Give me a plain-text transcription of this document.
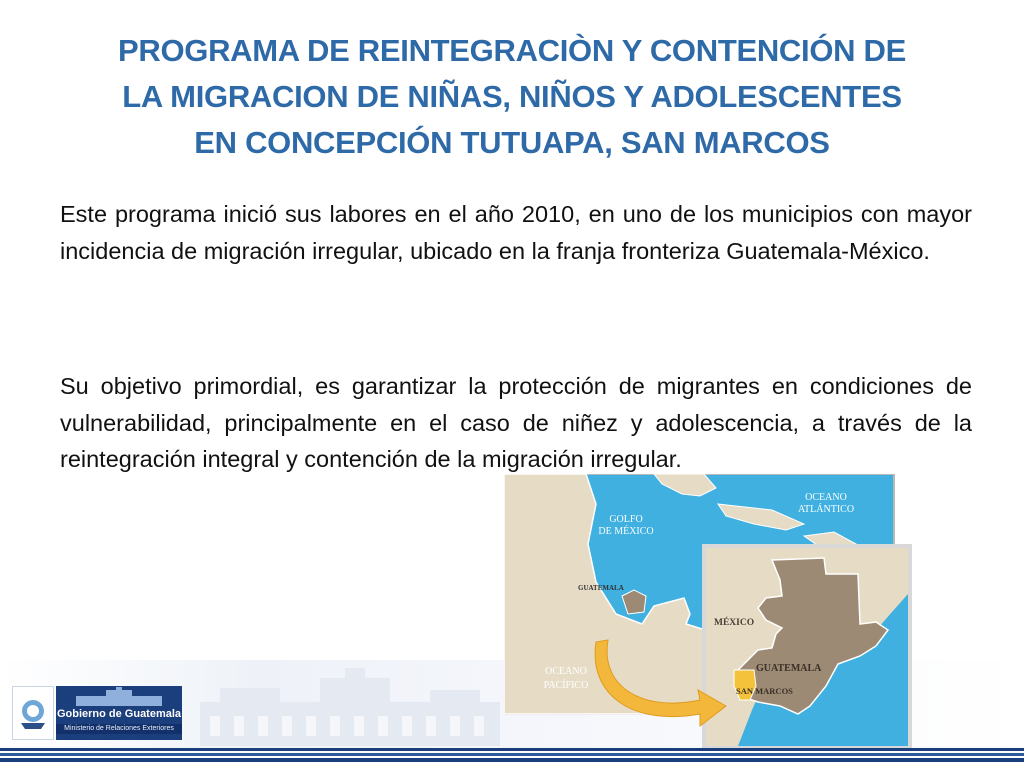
PROGRAMA DE REINTEGRACIÒN Y CONTENCIÓN DE
LA MIGRACION DE NIÑAS, NIÑOS Y ADOLESCENTES
EN CONCEPCIÓN TUTUAPA, SAN MARCOS

Este programa inició sus labores en el año 2010, en uno de los municipios con mayor incidencia de migración irregular, ubicado en la franja fronteriza Guatemala-México.

Su objetivo primordial, es garantizar la protección de migrantes en condiciones de vulnerabilidad, principalmente en el caso de niñez y adolescencia, a través de la reintegración integral y contención de la migración irregular.

GOLFO
DE MÉXICO
OCEANO
ATLÁNTICO
GUATEMALA
OCEANO
PACÍFICO
MÉXICO
GUATEMALA
SAN MARCOS
Gobierno de Guatemala
Ministerio de Relaciones Exteriores
